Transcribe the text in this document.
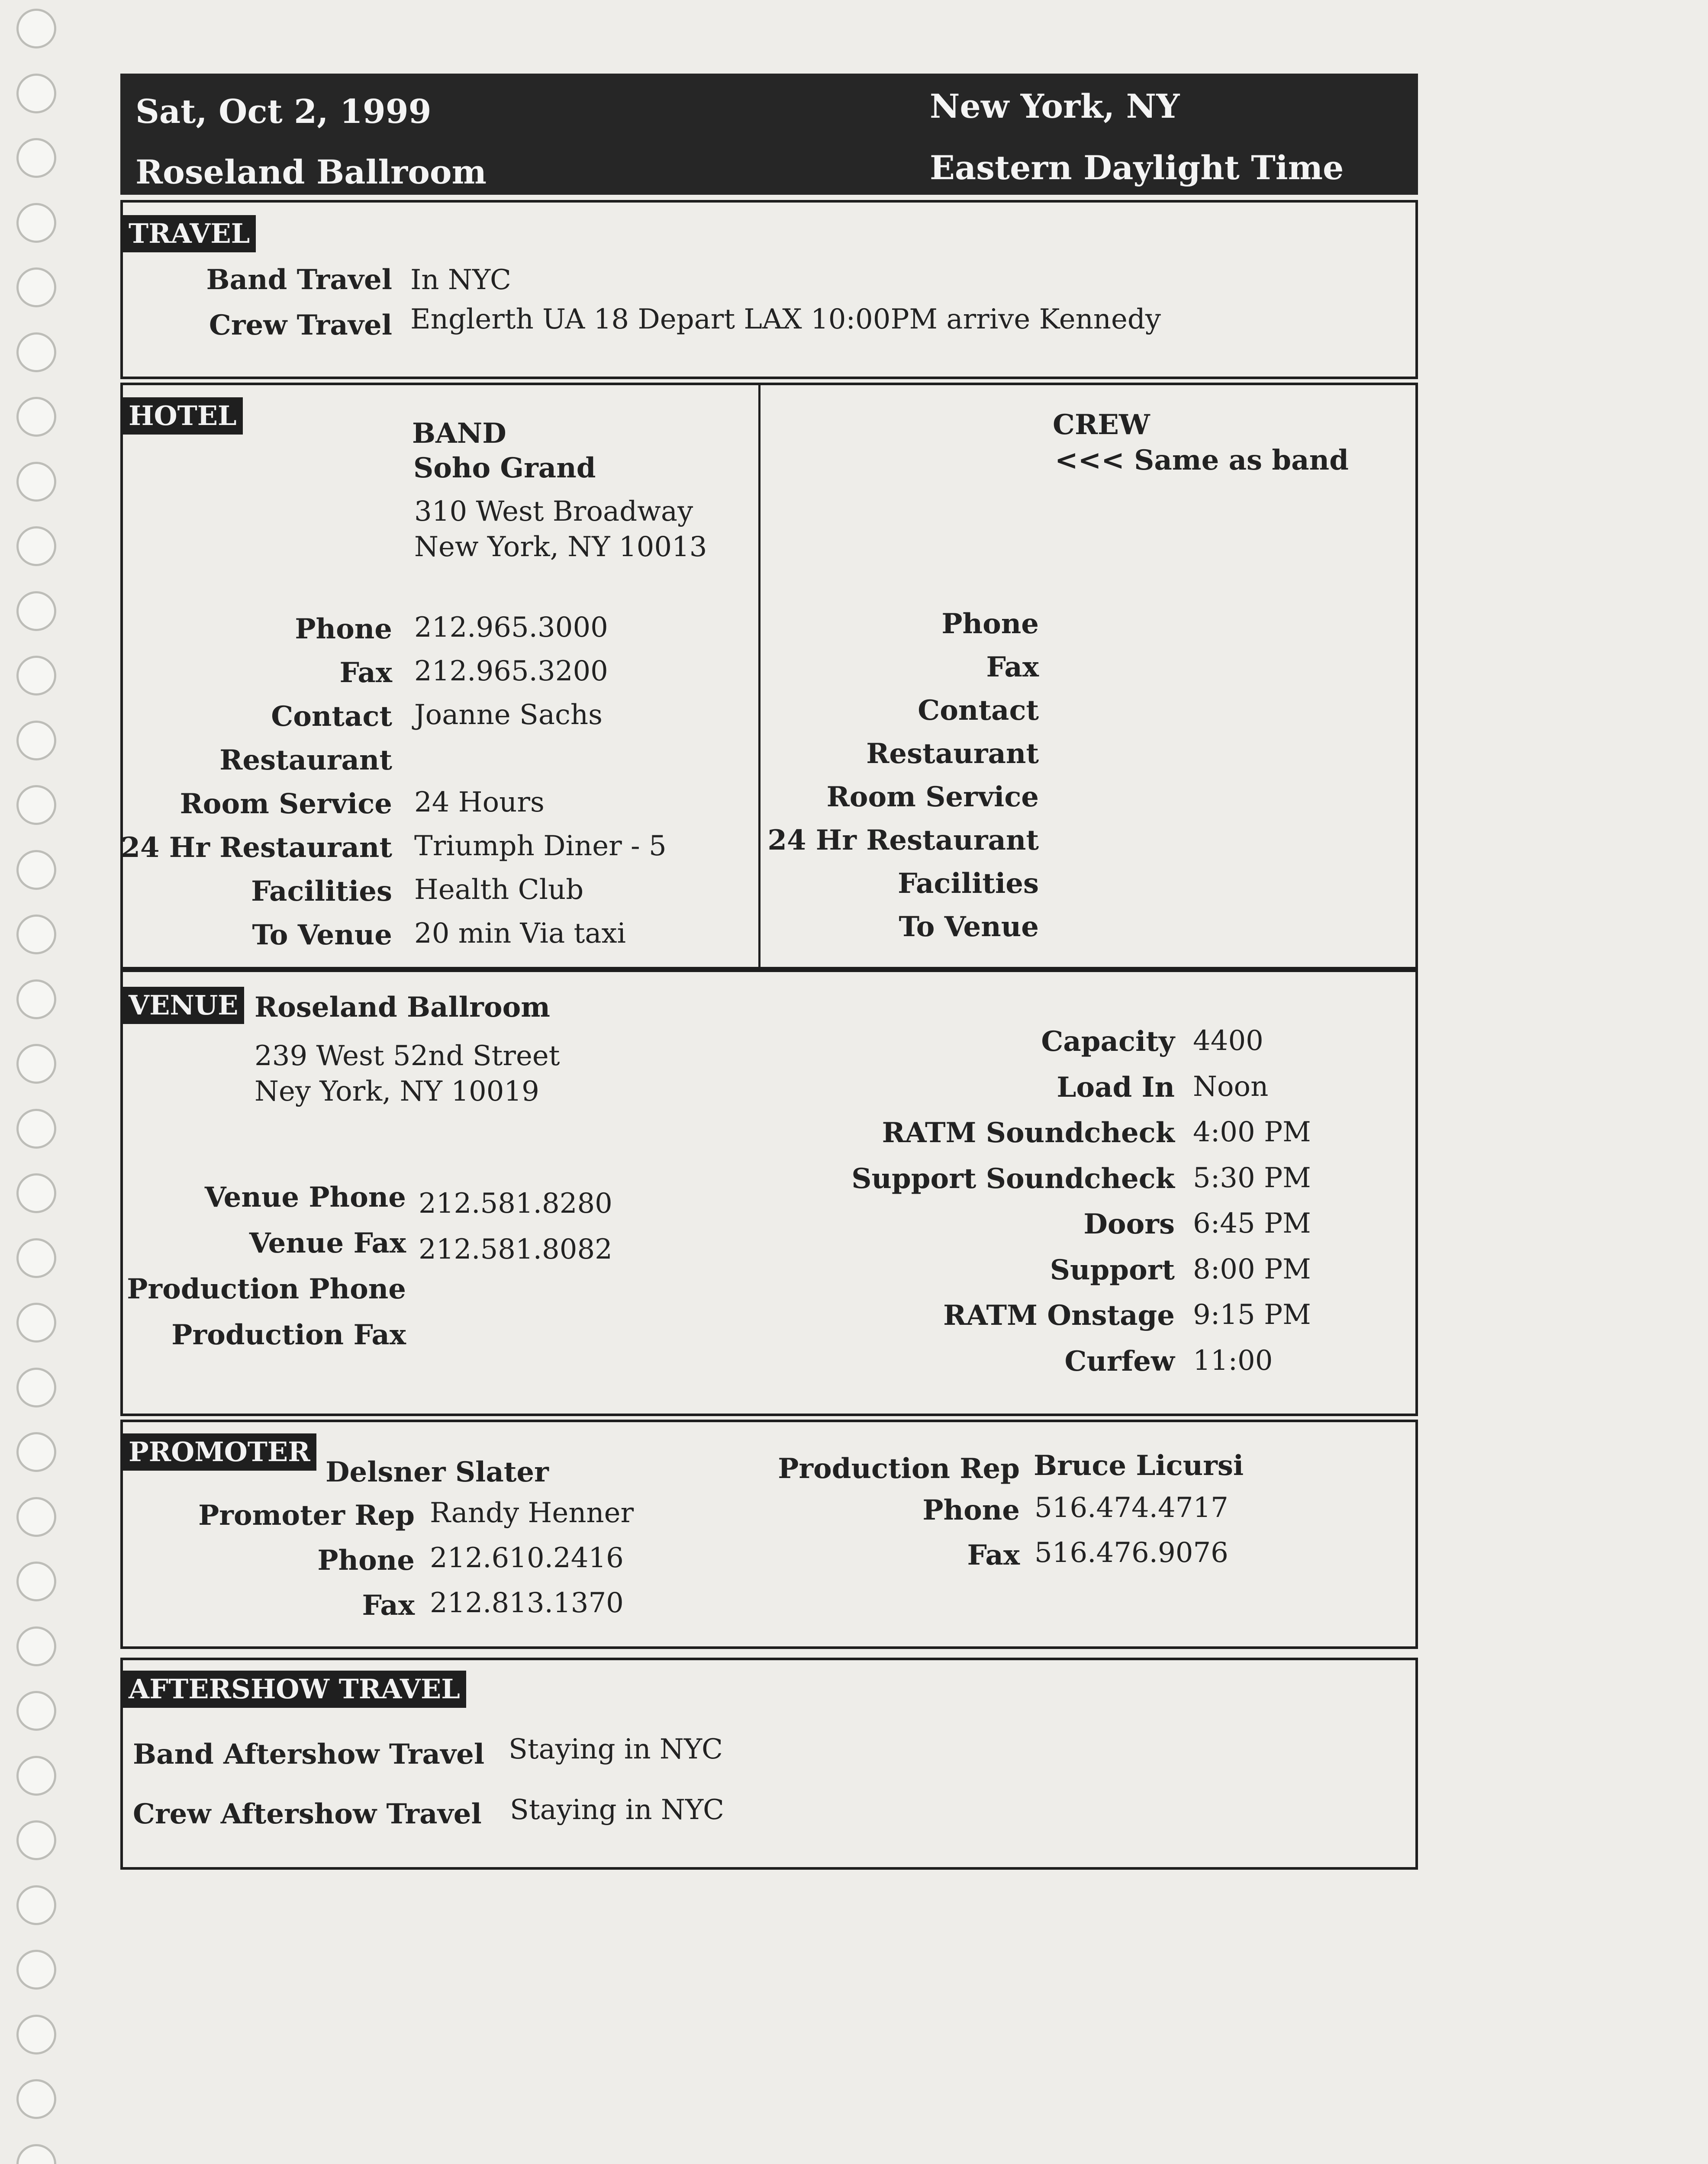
Sat, Oct 2, 1999
Roseland Ballroom
New York, NY
Eastern Daylight Time
TRAVEL
Band Travel In NYC
Crew Travel Englerth UA 18 Depart LAX 10:00PM arrive Kennedy
HOTEL
BAND
Soho Grand
310 West Broadway
New York, NY 10013
Phone 212.965.3000
Fax 212.965.3200
Contact Joanne Sachs
Restaurant
Room Service 24 Hours
24 Hr Restaurant Triumph Diner - 5
Facilities Health Club
To Venue 20 min Via taxi
CREW
<<< Same as band
Phone
Fax
Contact
Restaurant
Room Service
24 Hr Restaurant
Facilities
To Venue
VENUE Roseland Ballroom
239 West 52nd Street
Ney York, NY 10019
Venue Phone 212.581.8280
Venue Fax 212.581.8082
Production Phone
Production Fax
Capacity 4400
Load In Noon
RATM Soundcheck 4:00 PM
Support Soundcheck 5:30 PM
Doors 6:45 PM
Support 8:00 PM
RATM Onstage 9:15 PM
Curfew 11:00
PROMOTER
Delsner Slater
Promoter Rep Randy Henner
Phone 212.610.2416
Fax 212.813.1370
Production Rep Bruce Licursi
Phone 516.474.4717
Fax 516.476.9076
AFTERSHOW TRAVEL
Band Aftershow Travel Staying in NYC
Crew Aftershow Travel Staying in NYC
